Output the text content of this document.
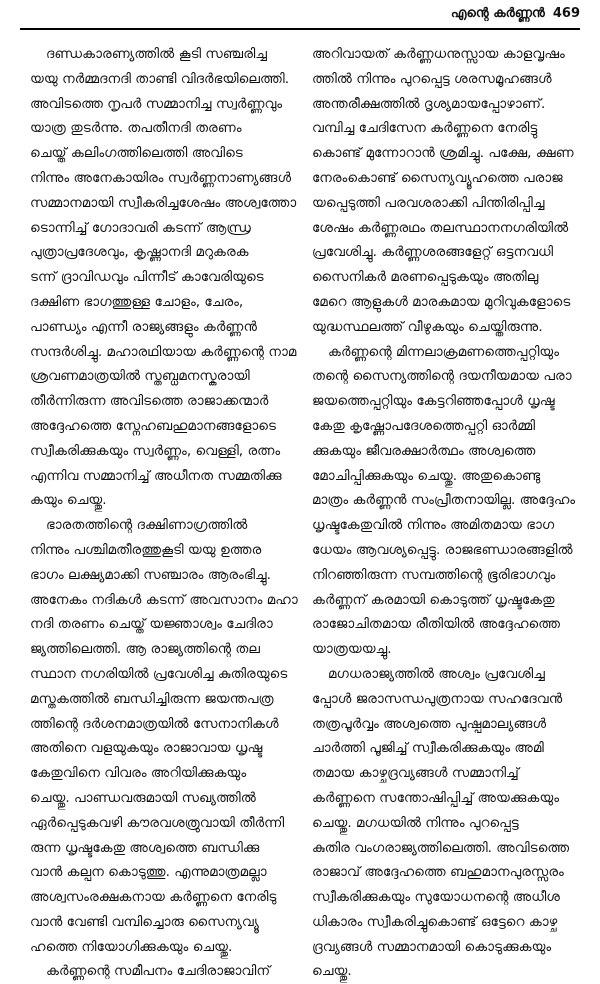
എന്റെ കർണ്ണൻ 469
ദണ്ഡകാരണ്യത്തിൽ കൂടി സഞ്ചരിച്ച
യയു നർമ്മദനദി താണ്ടി വിദർഭയിലെത്തി.
അവിടത്തെ നൃപർ സമ്മാനിച്ച സ്വർണ്ണവും
യാത്ര തുടർന്നു. തപതീനദി തരണം
ചെയ്ത് കലിംഗത്തിലെത്തി അവിടെ
നിന്നും അനേകായിരം സ്വർണ്ണനാണ്യങ്ങൾ
സമ്മാനമായി സ്വീകരിച്ചശേഷം അശ്വത്തോ
ടൊന്നിച്ച് ഗോദാവരി കടന്ന് ആന്ധ്ര
പുത്രാപ്രദേശവും, കൃഷ്ണാനദി മറുകരക
ടന്ന് ദ്രാവിഡവും പിന്നീട് കാവേരിയുടെ
ദക്ഷിണ ഭാഗത്തുള്ള ചോളം, ചേരം,
പാണ്ഡ്യം എന്നീ രാജ്യങ്ങളും കർണ്ണൻ
സന്ദർശിച്ചു. മഹാരഥിയായ കർണ്ണന്റെ നാമ
ശ്രവണമാത്രയിൽ സ്തബ്ധമനസ്കരായി
തീർന്നിരുന്ന അവിടത്തെ രാജാക്കന്മാർ
അദ്ദേഹത്തെ സ്നേഹബഹുമാനങ്ങളോടെ
സ്വീകരിക്കുകയും സ്വർണ്ണം, വെള്ളി, രത്നം
എന്നിവ സമ്മാനിച്ച് അധീനത സമ്മതിക്കു
കയും ചെയ്തു.
ഭാരതത്തിന്റെ ദക്ഷിണാഗ്രത്തിൽ
നിന്നും പശ്ചിമതീരത്തുകൂടി യയു ഉത്തര
ഭാഗം ലക്ഷ്യമാക്കി സഞ്ചാരം ആരംഭിച്ചു.
അനേകം നദികൾ കടന്ന് അവസാനം മഹാ
നദി തരണം ചെയ്ത് യജ്ഞാശ്വം ചേദിരാ
ജ്യത്തിലെത്തി. ആ രാജ്യത്തിന്റെ തല
സ്ഥാന നഗരിയിൽ പ്രവേശിച്ച കുതിരയുടെ
മസ്തകത്തിൽ ബന്ധിച്ചിരുന്ന ജയന്തപത്ര
ത്തിന്റെ ദർശനമാത്രയിൽ സേനാനികൾ
അതിനെ വളയുകയും രാജാവായ ധൃഷ്ട
കേതുവിനെ വിവരം അറിയിക്കുകയും
ചെയ്തു. പാണ്ഡവരുമായി സഖ്യത്തിൽ
ഏർപ്പെടുകവഴി കൗരവശത്രുവായി തീർന്നി
രുന്ന ധൃഷ്ടകേതു അശ്വത്തെ ബന്ധിക്കു
വാൻ കല്പന കൊടുത്തു. എന്നുമാത്രമല്ലാ
അശ്വസംരക്ഷകനായ കർണ്ണനെ നേരിടു
വാൻ വേണ്ടി വമ്പിച്ചൊരു സൈന്യവ്യൂ
ഹത്തെ നിയോഗിക്കുകയും ചെയ്തു.
കർണ്ണന്റെ സമീപനം ചേദിരാജാവിന്
അറിവായത് കർണ്ണധനുസ്സായ കാളവൃഷം
ത്തിൽ നിന്നും പുറപ്പെട്ട ശരസമൂഹങ്ങൾ
അന്തരീക്ഷത്തിൽ ദൃശ്യമായപ്പോഴാണ്.
വമ്പിച്ച ചേദിസേന കർണ്ണനെ നേരിട്ടു
കൊണ്ട് മുന്നോറാൻ ശ്രമിച്ചു. പക്ഷേ, ക്ഷണ
നേരംകൊണ്ട് സൈന്യവ്യൂഹത്തെ പരാജ
യപ്പെടുത്തി പരവശരാക്കി പിന്തിരിപ്പിച്ച
ശേഷം കർണ്ണരഥം തലസ്ഥാനനഗരിയിൽ
പ്രവേശിച്ചു. കർണ്ണശരങ്ങളേറ്റ് ഒട്ടനവധി
സൈനികർ മരണപ്പെടുകയും അതിലു
മേറെ ആളുകൾ മാരകമായ മുറിവുകളോടെ
യുദ്ധസ്ഥലത്ത് വീഴുകയും ചെയ്തിരുന്നു.
കർണ്ണന്റെ മിന്നലാക്രമണത്തെപ്പറ്റിയും
തന്റെ സൈന്യത്തിന്റെ ദയനീയമായ പരാ
ജയത്തെപ്പറ്റിയും കേട്ടറിഞ്ഞപ്പോൾ ധൃഷ്ട
കേതു കൃഷ്ണോപദേശത്തെപ്പറ്റി ഓർമ്മി
ക്കുകയും ജീവരക്ഷാർത്ഥം അശ്വത്തെ
മോചിപ്പിക്കുകയും ചെയ്തു. അതുകൊണ്ടു
മാത്രം കർണ്ണൻ സംപ്രീതനായില്ല. അദ്ദേഹം
ധൃഷ്ടകേതുവിൽ നിന്നും അമിതമായ ഭാഗ
ധേയം ആവശ്യപ്പെട്ടു. രാജഭണ്ഡാരങ്ങളിൽ
നിറഞ്ഞിരുന്ന സമ്പത്തിന്റെ ഭൂരിഭാഗവും
കർണ്ണന് കരമായി കൊടുത്ത് ധൃഷ്ടകേതു
രാജോചിതമായ രീതിയിൽ അദ്ദേഹത്തെ
യാത്രയയച്ചു.
മഗധരാജ്യത്തിൽ അശ്വം പ്രവേശിച്ച
പ്പോൾ ജരാസന്ധപുത്രനായ സഹദേവൻ
തത്രപൂർവ്വം അശ്വത്തെ പുഷ്പമാല്യങ്ങൾ
ചാർത്തി പൂജിച്ച് സ്വീകരിക്കുകയും അമി
തമായ കാഴ്ചദ്രവ്യങ്ങൾ സമ്മാനിച്ച്
കർണ്ണനെ സന്തോഷിപ്പിച്ച് അയക്കുകയും
ചെയ്തു. മഗധയിൽ നിന്നും പുറപ്പെട്ട
കുതിര വംഗരാജ്യത്തിലെത്തി. അവിടത്തെ
രാജാവ് അദ്ദേഹത്തെ ബഹുമാനപുരസ്സരം
സ്വീകരിക്കുകയും സുയോധനന്റെ അധീശ
ധികാരം സ്വീകരിച്ചുകൊണ്ട് ഒട്ടേറെ കാഴ്ച
ദ്രവ്യങ്ങൾ സമ്മാനമായി കൊടുക്കുകയും
ചെയ്തു.
